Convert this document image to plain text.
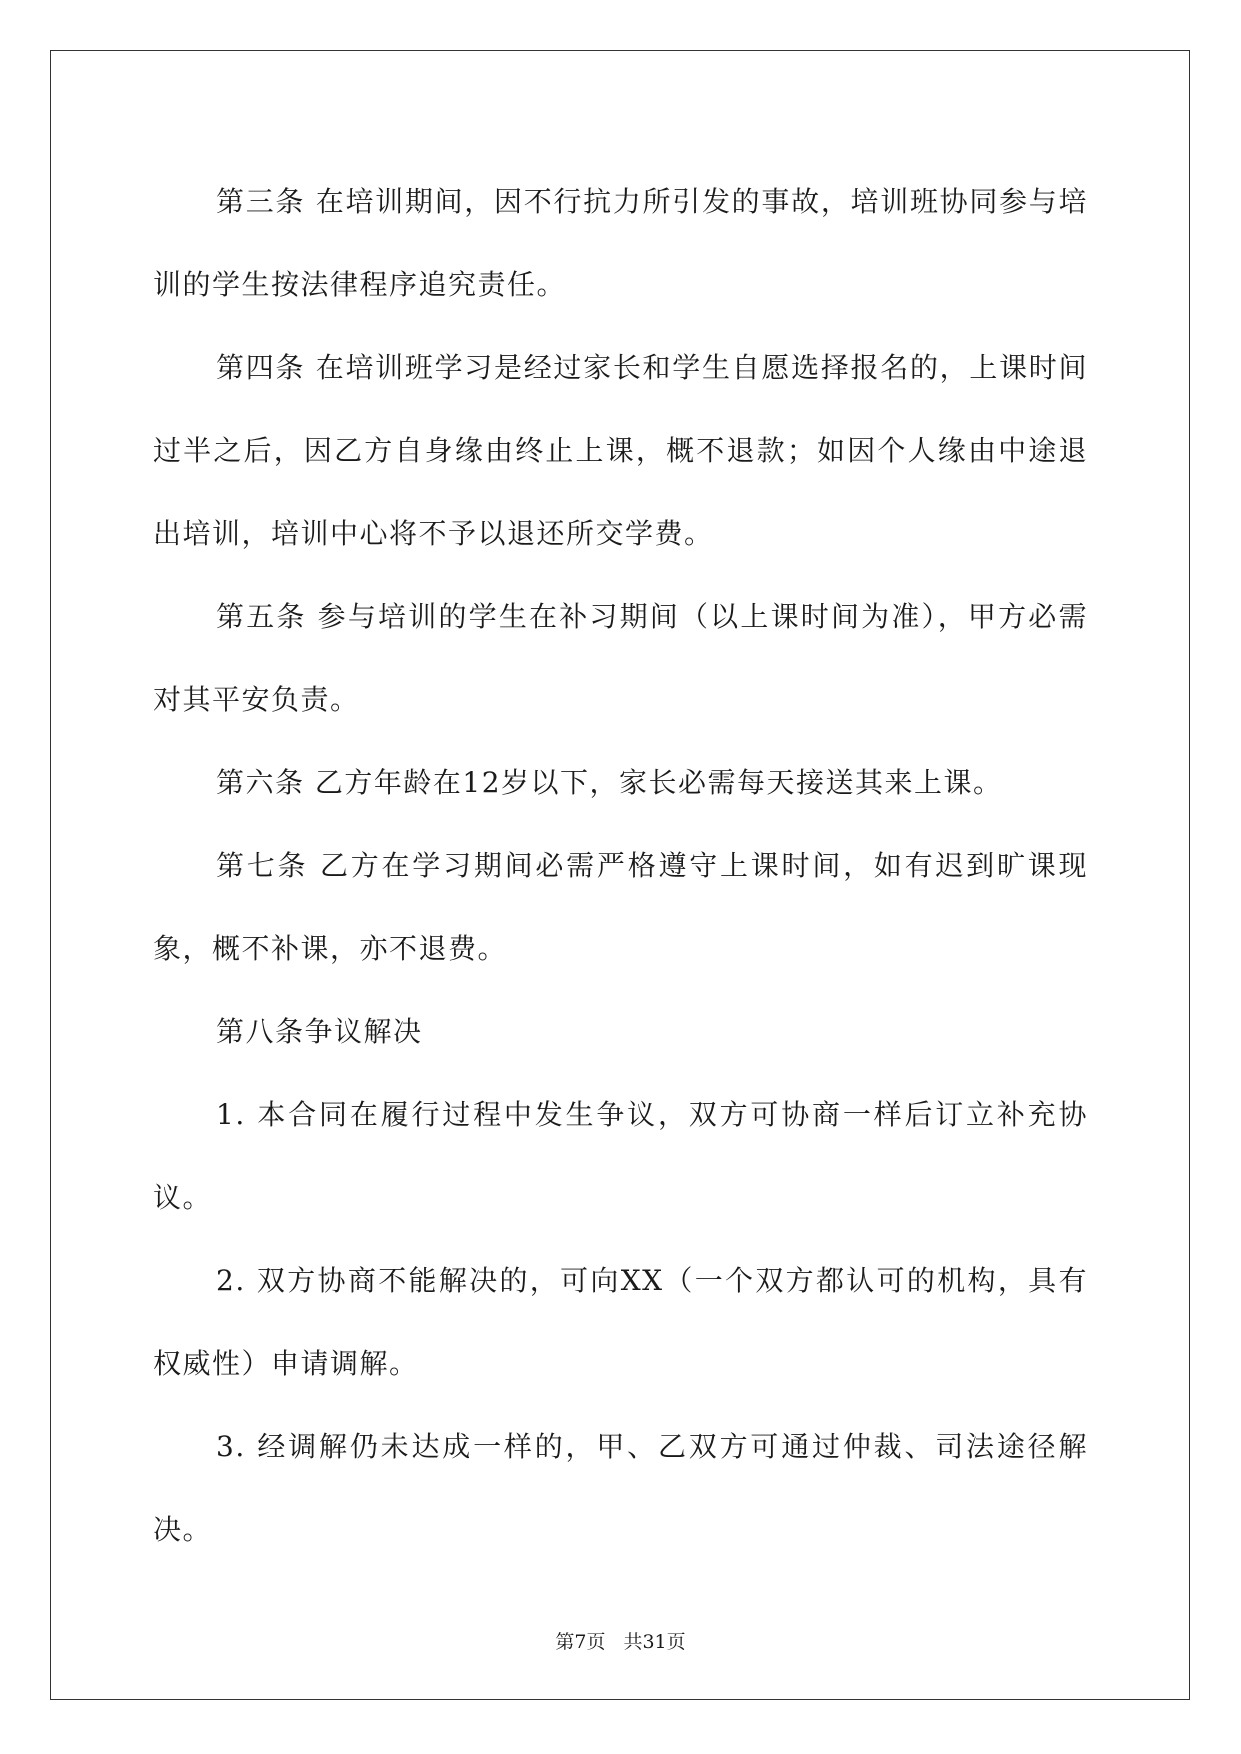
第三条 在培训期间，因不行抗力所引发的事故，培训班协同参与培训的学生按法律程序追究责任。

第四条 在培训班学习是经过家长和学生自愿选择报名的，上课时间过半之后，因乙方自身缘由终止上课，概不退款；如因个人缘由中途退出培训，培训中心将不予以退还所交学费。

第五条 参与培训的学生在补习期间（以上课时间为准），甲方必需对其平安负责。

第六条 乙方年龄在12岁以下，家长必需每天接送其来上课。

第七条 乙方在学习期间必需严格遵守上课时间，如有迟到旷课现象，概不补课，亦不退费。

第八条争议解决

1. 本合同在履行过程中发生争议，双方可协商一样后订立补充协议。

2. 双方协商不能解决的，可向XX（一个双方都认可的机构，具有权威性）申请调解。

3. 经调解仍未达成一样的，甲、乙双方可通过仲裁、司法途径解决。

第7页 共31页
